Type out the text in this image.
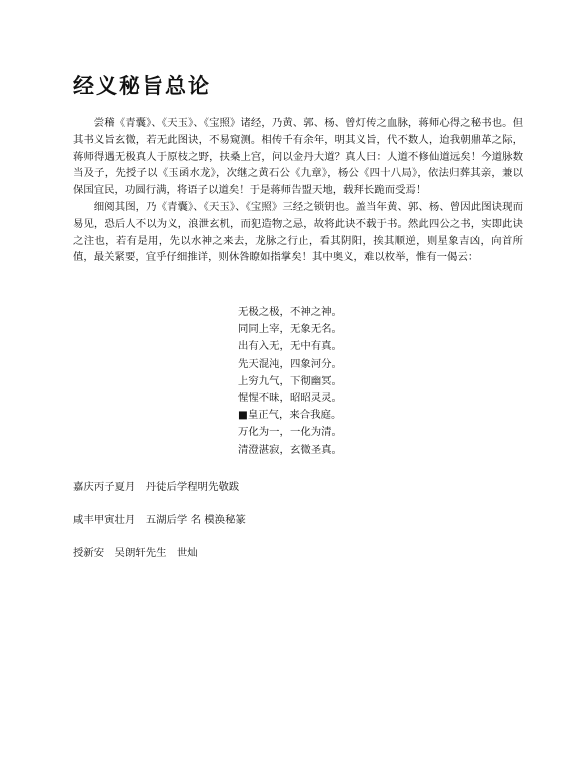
经义秘旨总论

尝稽《青囊》、《天玉》、《宝照》诸经，乃黄、郭、杨、曾灯传之血脉，蒋师心得之秘书也。但其书义旨玄微，若无此图诀，不易窥测。相传千有余年，明其义旨，代不数人，迨我朝鼎革之际，蒋师得遇无极真人于原枝之野，扶桑上宫，问以金丹大道？真人曰：人道不修仙道远矣！今道脉数当及子，先授子以《玉函水龙》，次继之黄石公《九章》，杨公《四十八局》，依法归葬其亲，兼以保国宜民，功圆行满，将语子以道矣！于是蒋师告盟天地，载拜长跪而受焉！

细阅其图，乃《青囊》、《天玉》、《宝照》三经之锁钥也。盖当年黄、郭、杨、曾因此图诀现而易见，恐后人不以为义，浪泄玄机，而犯造物之忌，故将此诀不载于书。然此四公之书，实即此诀之注也，若有是用，先以水神之来去，龙脉之行止，看其阴阳，挨其顺逆，则星象吉凶，向首所值，最关紧要，宜乎仔细推详，则休咎瞭如指掌矣！其中奥义，难以枚举，惟有一偈云：

无极之极，不神之神。
同同上宰，无象无名。
出有入无，无中有真。
先天混沌，四象河分。
上穷九气，下彻幽冥。
惺惺不昧，昭昭灵灵。
■皇正气，来合我庭。
万化为一，一化为清。
清澄湛寂，玄微圣真。
嘉庆丙子夏月　丹徒后学程明先敬跋
咸丰甲寅壮月　五湖后学 名 模涣秘篆
授新安　吴朗轩先生　世灿
